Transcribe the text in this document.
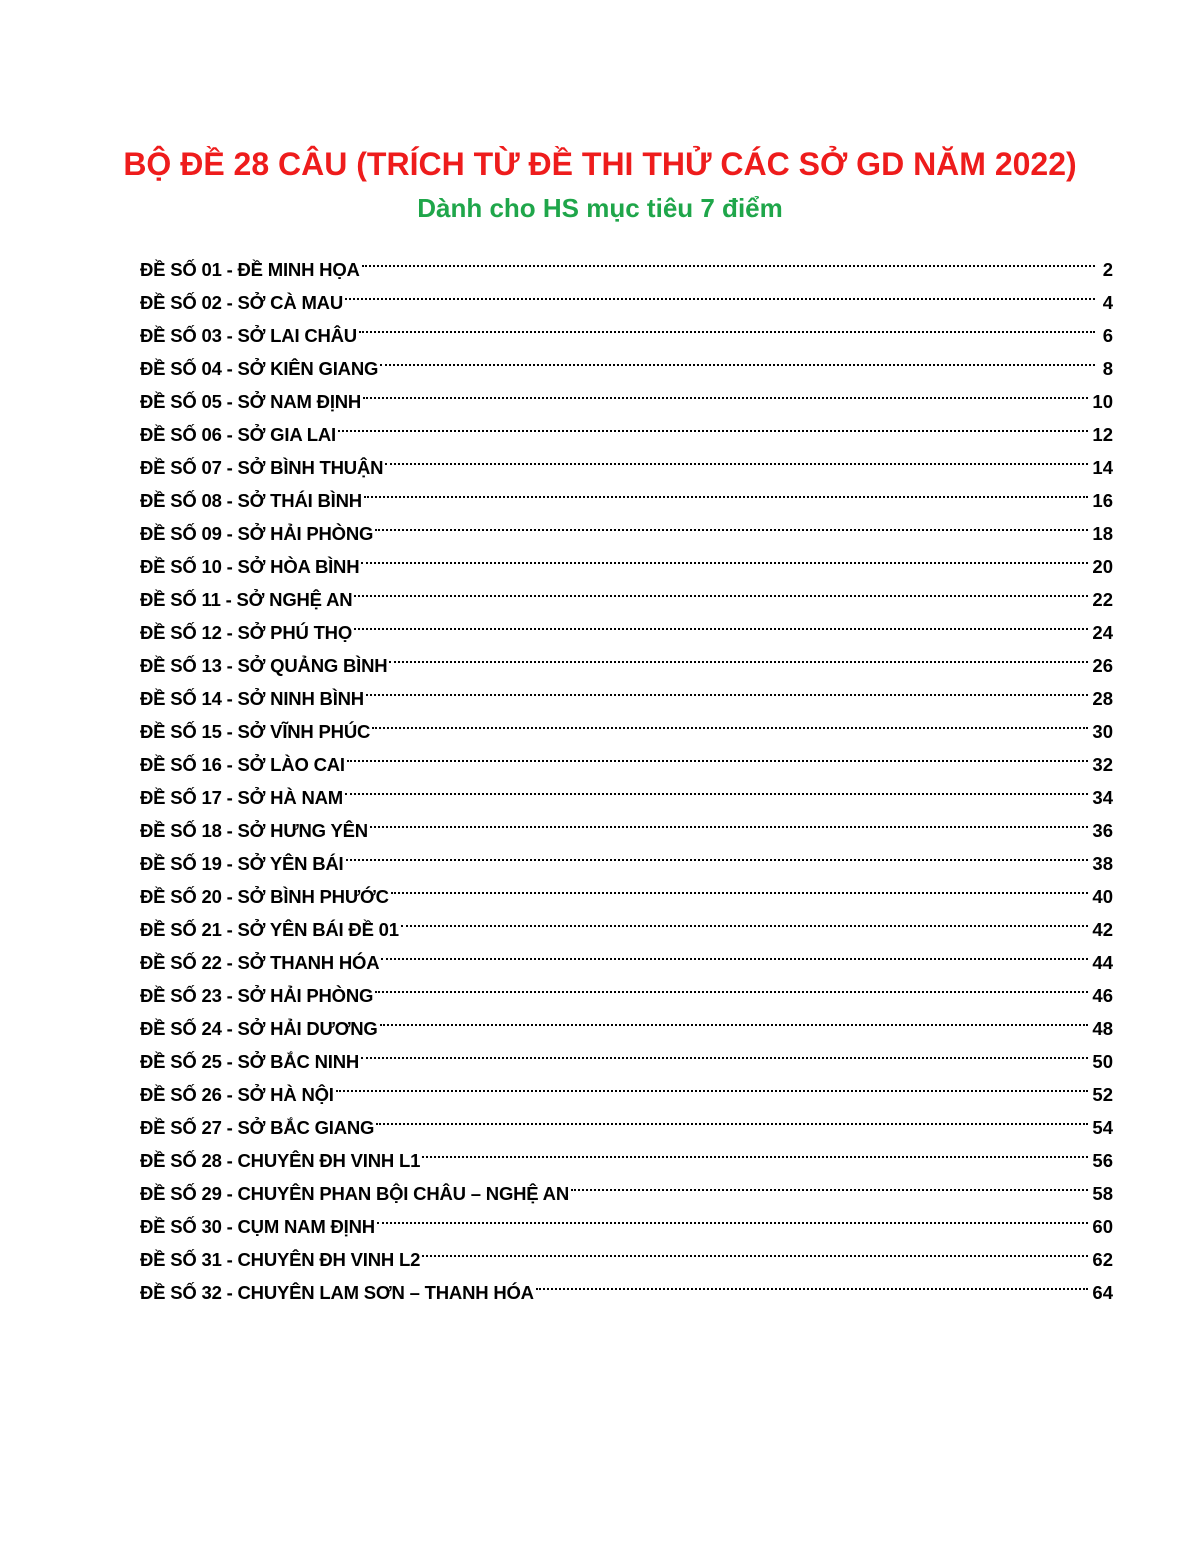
BỘ ĐỀ 28 CÂU (TRÍCH TỪ ĐỀ THI THỬ CÁC SỞ GD NĂM 2022)
Dành cho HS mục tiêu 7 điểm
ĐỀ SỐ 01 - ĐỀ MINH HỌA	2
ĐỀ SỐ 02 - SỞ CÀ MAU	4
ĐỀ SỐ 03 - SỞ LAI CHÂU	6
ĐỀ SỐ 04 - SỞ KIÊN GIANG	8
ĐỀ SỐ 05 - SỞ NAM ĐỊNH	10
ĐỀ SỐ 06 - SỞ GIA LAI	12
ĐỀ SỐ 07 - SỞ BÌNH THUẬN	14
ĐỀ SỐ 08 - SỞ THÁI BÌNH	16
ĐỀ SỐ 09 - SỞ HẢI PHÒNG	18
ĐỀ SỐ 10 - SỞ HÒA BÌNH	20
ĐỀ SỐ 11 - SỞ NGHỆ AN	22
ĐỀ SỐ 12 - SỞ PHÚ THỌ	24
ĐỀ SỐ 13 - SỞ QUẢNG BÌNH	26
ĐỀ SỐ 14 - SỞ NINH BÌNH	28
ĐỀ SỐ 15 - SỞ VĨNH PHÚC	30
ĐỀ SỐ 16 - SỞ LÀO CAI	32
ĐỀ SỐ 17 - SỞ HÀ NAM	34
ĐỀ SỐ 18 - SỞ HƯNG YÊN	36
ĐỀ SỐ 19 - SỞ YÊN BÁI	38
ĐỀ SỐ 20 - SỞ BÌNH PHƯỚC	40
ĐỀ SỐ 21 - SỞ YÊN BÁI ĐỀ 01	42
ĐỀ SỐ 22 - SỞ THANH HÓA	44
ĐỀ SỐ 23 - SỞ HẢI PHÒNG	46
ĐỀ SỐ 24 - SỞ HẢI DƯƠNG	48
ĐỀ SỐ 25 - SỞ BẮC NINH	50
ĐỀ SỐ 26 - SỞ HÀ NỘI	52
ĐỀ SỐ 27 - SỞ BẮC GIANG	54
ĐỀ SỐ 28 - CHUYÊN ĐH VINH L1	56
ĐỀ SỐ 29 - CHUYÊN PHAN BỘI CHÂU – NGHỆ AN	58
ĐỀ SỐ 30 - CỤM NAM ĐỊNH	60
ĐỀ SỐ 31 - CHUYÊN ĐH VINH L2	62
ĐỀ SỐ 32 - CHUYÊN LAM SƠN – THANH HÓA	64
